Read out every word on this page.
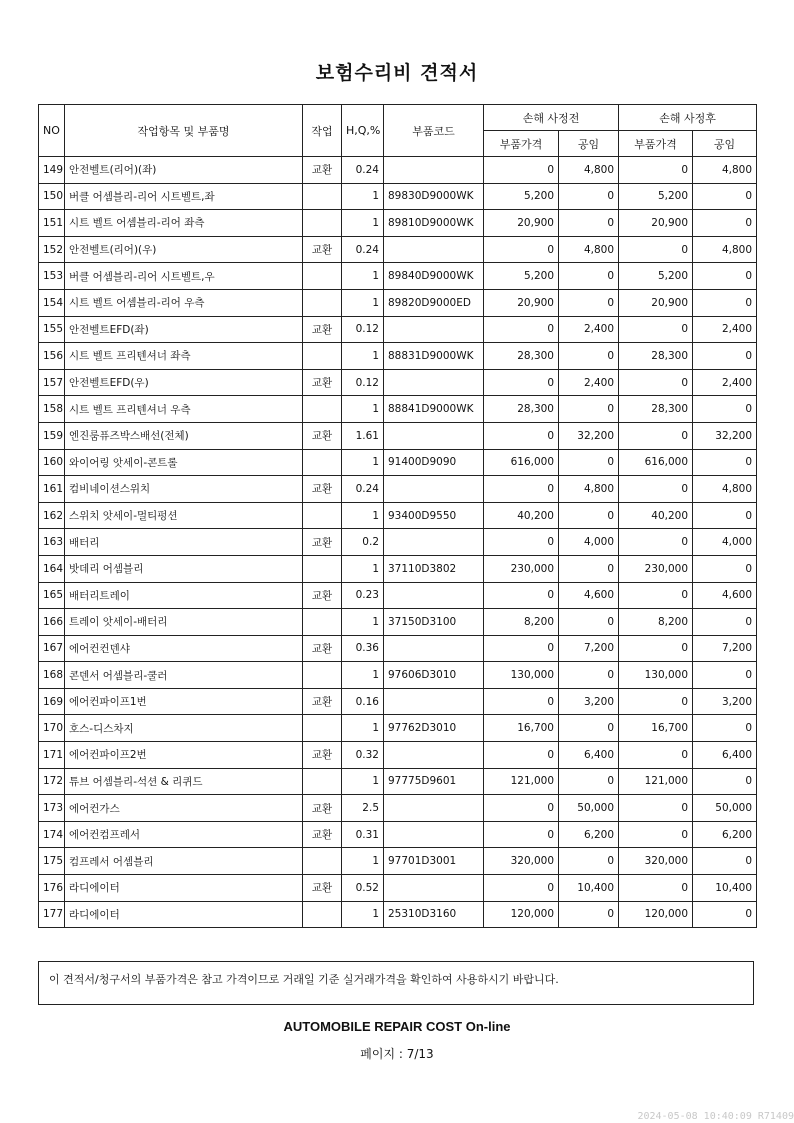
보험수리비 견적서
NO	작업항목 및 부품명	작업	H,Q,%	부품코드	손해 사정전		손해 사정후	
					부품가격	공임	부품가격	공임
149	안전벨트(리어)(좌)	교환	0.24		0	4,800	0	4,800
150	버클 어셈블리-리어 시트벨트,좌		1	89830D9000WK	5,200	0	5,200	0
151	시트 벨트 어셈블리-리어 좌측		1	89810D9000WK	20,900	0	20,900	0
152	안전벨트(리어)(우)	교환	0.24		0	4,800	0	4,800
153	버클 어셈블리-리어 시트벨트,우		1	89840D9000WK	5,200	0	5,200	0
154	시트 벨트 어셈블리-리어 우측		1	89820D9000ED	20,900	0	20,900	0
155	안전벨트EFD(좌)	교환	0.12		0	2,400	0	2,400
156	시트 벨트 프리텐셔너 좌측		1	88831D9000WK	28,300	0	28,300	0
157	안전벨트EFD(우)	교환	0.12		0	2,400	0	2,400
158	시트 벨트 프리텐셔너 우측		1	88841D9000WK	28,300	0	28,300	0
159	엔진룸퓨즈박스배선(전체)	교환	1.61		0	32,200	0	32,200
160	와이어링 앗세이-콘트롤		1	91400D9090	616,000	0	616,000	0
161	컴비네이션스위치	교환	0.24		0	4,800	0	4,800
162	스위치 앗세이-멀티펑션		1	93400D9550	40,200	0	40,200	0
163	배터리	교환	0.2		0	4,000	0	4,000
164	밧데리 어셈블리		1	37110D3802	230,000	0	230,000	0
165	배터리트레이	교환	0.23		0	4,600	0	4,600
166	트레이 앗세이-배터리		1	37150D3100	8,200	0	8,200	0
167	에어컨컨덴샤	교환	0.36		0	7,200	0	7,200
168	콘덴서 어셈블리-쿨러		1	97606D3010	130,000	0	130,000	0
169	에어컨파이프1번	교환	0.16		0	3,200	0	3,200
170	호스-디스차지		1	97762D3010	16,700	0	16,700	0
171	에어컨파이프2번	교환	0.32		0	6,400	0	6,400
172	튜브 어셈블리-석션 & 리퀴드		1	97775D9601	121,000	0	121,000	0
173	에어컨가스	교환	2.5		0	50,000	0	50,000
174	에어컨컴프레서	교환	0.31		0	6,200	0	6,200
175	컴프레서 어셈블리		1	97701D3001	320,000	0	320,000	0
176	라디에이터	교환	0.52		0	10,400	0	10,400
177	라디에이터		1	25310D3160	120,000	0	120,000	0
이 견적서/청구서의 부품가격은 참고 가격이므로 거래일 기준 실거래가격을 확인하여 사용하시기 바랍니다.
AUTOMOBILE REPAIR COST On-line
페이지 : 7/13
2024-05-08 10:40:09 R71409
